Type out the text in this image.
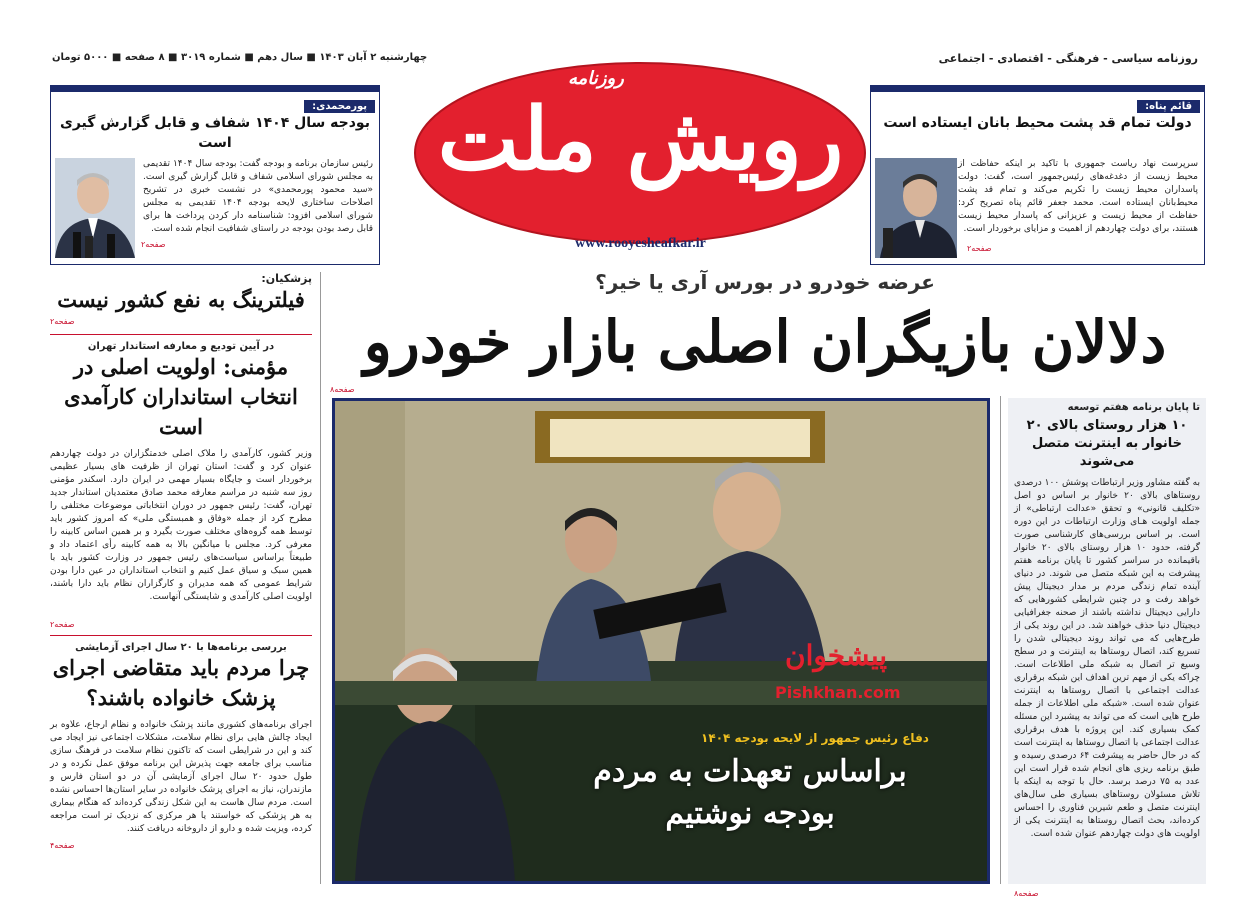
روزنامه سیاسی - فرهنگی - اقتصادی - اجتماعی
چهارشنبه ۲ آبان ۱۴۰۳ ■ سال دهم ■ شماره ۳۰۱۹ ■ ۸ صفحه ■ ۵۰۰۰ تومان
روزنامه
رویش ملت
www.rooyesheafkar.ir
قائم پناه:
دولت تمام قد پشت محیط بانان ایستاده است
سرپرست نهاد ریاست جمهوری با تاکید بر اینکه حفاظت از محیط زیست از دغدغه‌های رئیس‌جمهور است، گفت: دولت پاسداران محیط زیست را تکریم می‌کند و تمام قد پشت محیط‌بانان ایستاده است. محمد جعفر قائم پناه تصریح کرد: حفاظت از محیط زیست و عزیزانی که پاسدار محیط زیست هستند، برای دولت چهاردهم از اهمیت و مزایای برخوردار است.
صفحه۲
پورمحمدی:
بودجه سال ۱۴۰۴ شفاف و قابل گزارش گیری است
رئیس سازمان برنامه و بودجه گفت: بودجه سال ۱۴۰۴ تقدیمی به مجلس شورای اسلامی شفاف و قابل گزارش گیری است. «سید محمود پورمحمدی» در نشست خبری در تشریح اصلاحات ساختاری لایحه بودجه ۱۴۰۴ تقدیمی به مجلس شورای اسلامی افزود: شناسنامه دار کردن پرداخت ها برای قابل رصد بودن بودجه در راستای شفافیت انجام شده است.
صفحه۲
عرضه خودرو در بورس آری یا خیر؟
دلالان بازیگران اصلی بازار خودرو
صفحه۸
پیشخوان
Pishkhan.com
دفاع رئیس جمهور از لایحه بودجه ۱۴۰۴
براساس تعهدات به مردم بودجه نوشتیم
پزشکیان:
فیلترینگ به نفع کشور نیست
صفحه۲
در آیین تودیع و معارفه استاندار تهران
مؤمنی: اولویت اصلی در انتخاب استانداران کارآمدی است
وزیر کشور، کارآمدی را ملاک اصلی خدمتگزاران در دولت چهاردهم عنوان کرد و گفت: استان تهران از ظرفیت های بسیار عظیمی برخوردار است و جایگاه بسیار مهمی در ایران دارد. اسکندر مؤمنی روز سه شنبه در مراسم معارفه محمد صادق معتمدیان استاندار جدید تهران، گفت: رئیس جمهور در دوران انتخاباتی موضوعات مختلفی را مطرح کرد از جمله «وفاق و همبستگی ملی» که امروز کشور باید توسط همه گروه‌های مختلف صورت بگیرد و بر همین اساس کابینه را معرفی کرد. مجلس با میانگین بالا به همه کابینه رأی اعتماد داد و طبیعتاً براساس سیاست‌های رئیس جمهور در وزارت کشور باید با همین سبک و سیاق عمل کنیم و انتخاب استانداران در عین دارا بودن شرایط عمومی که همه مدیران و کارگزاران نظام باید دارا باشند، اولویت اصلی کارآمدی و شایستگی آنهاست.
صفحه۲
بررسی برنامه‌ها با ۲۰ سال اجرای آزمایشی
چرا مردم باید متقاضی اجرای پزشک خانواده باشند؟
اجرای برنامه‌های کشوری مانند پزشک خانواده و نظام ارجاع، علاوه بر ایجاد چالش هایی برای نظام سلامت، مشکلات اجتماعی نیز ایجاد می کند و این در شرایطی است که تاکنون نظام سلامت در فرهنگ سازی مناسب برای جامعه جهت پذیرش این برنامه موفق عمل نکرده و در طول حدود ۲۰ سال اجرای آزمایشی آن در دو استان فارس و مازندران، نیاز به اجرای پزشک خانواده در سایر استان‌ها احساس نشده است. مردم سال هاست به این شکل زندگی کرده‌اند که هنگام بیماری به هر پزشکی که خواستند یا هر مرکزی که نزدیک تر است مراجعه کرده، ویزیت شده و دارو از داروخانه دریافت کنند.
صفحه۴
تا پایان برنامه هفتم توسعه
۱۰ هزار روستای بالای ۲۰ خانوار به اینترنت متصل می‌شوند
به گفته مشاور وزیر ارتباطات پوشش ۱۰۰ درصدی روستاهای بالای ۲۰ خانوار بر اساس دو اصل «تکلیف قانونی» و تحقق «عدالت ارتباطی» از جمله اولویت هـای وزارت ارتباطات در این دوره است. بر اساس بررسی‌های کارشناسی صورت گرفته، حدود ۱۰ هزار روستای بالای ۲۰ خانوار باقیمانده در سراسر کشور تا پایان برنامه هفتم پیشرفت به این شبکه متصل می شوند. در دنیای آینده تمام زندگی مردم بر مدار دیجیتال پیش خواهد رفت و در چنین شرایطی کشورهایی که دارایی دیجیتال نداشته باشند از صحنه جغرافیایی دیجیتال دنیا حذف خواهند شد. در این روند یکی از طرح‌هایی که می تواند روند دیجیتالی شدن را تسریع کند، اتصال روستاها به اینترنت و در سطح وسیع تر اتصال به شبکه ملی اطلاعات است. چراکه یکی از مهم ترین اهداف این شبکه برقراری عدالت اجتماعی با اتصال روستاها به اینترنت عنوان شده است. «شبکه ملی اطلاعات از جمله طرح هایی است که می تواند به پیشبرد این مسئله کمک بسیاری کند. این پروژه با هدف برقراری عدالت اجتماعی با اتصال روستاها به اینترنت است که در حال حاضر به پیشرفت ۶۴ درصدی رسیده و طبق برنامه ریزی های انجام شده قرار است این عدد به ۷۵ درصد برسد. حال با توجه به اینکه با تلاش مسئولان روستاهای بسیاری طی سال‌های اینترنت متصل و طعم شیرین فناوری را احساس کرده‌اند، بحث اتصال روستاها به اینترنت یکی از اولویت های دولت چهاردهم عنوان شده است.
صفحه۸
